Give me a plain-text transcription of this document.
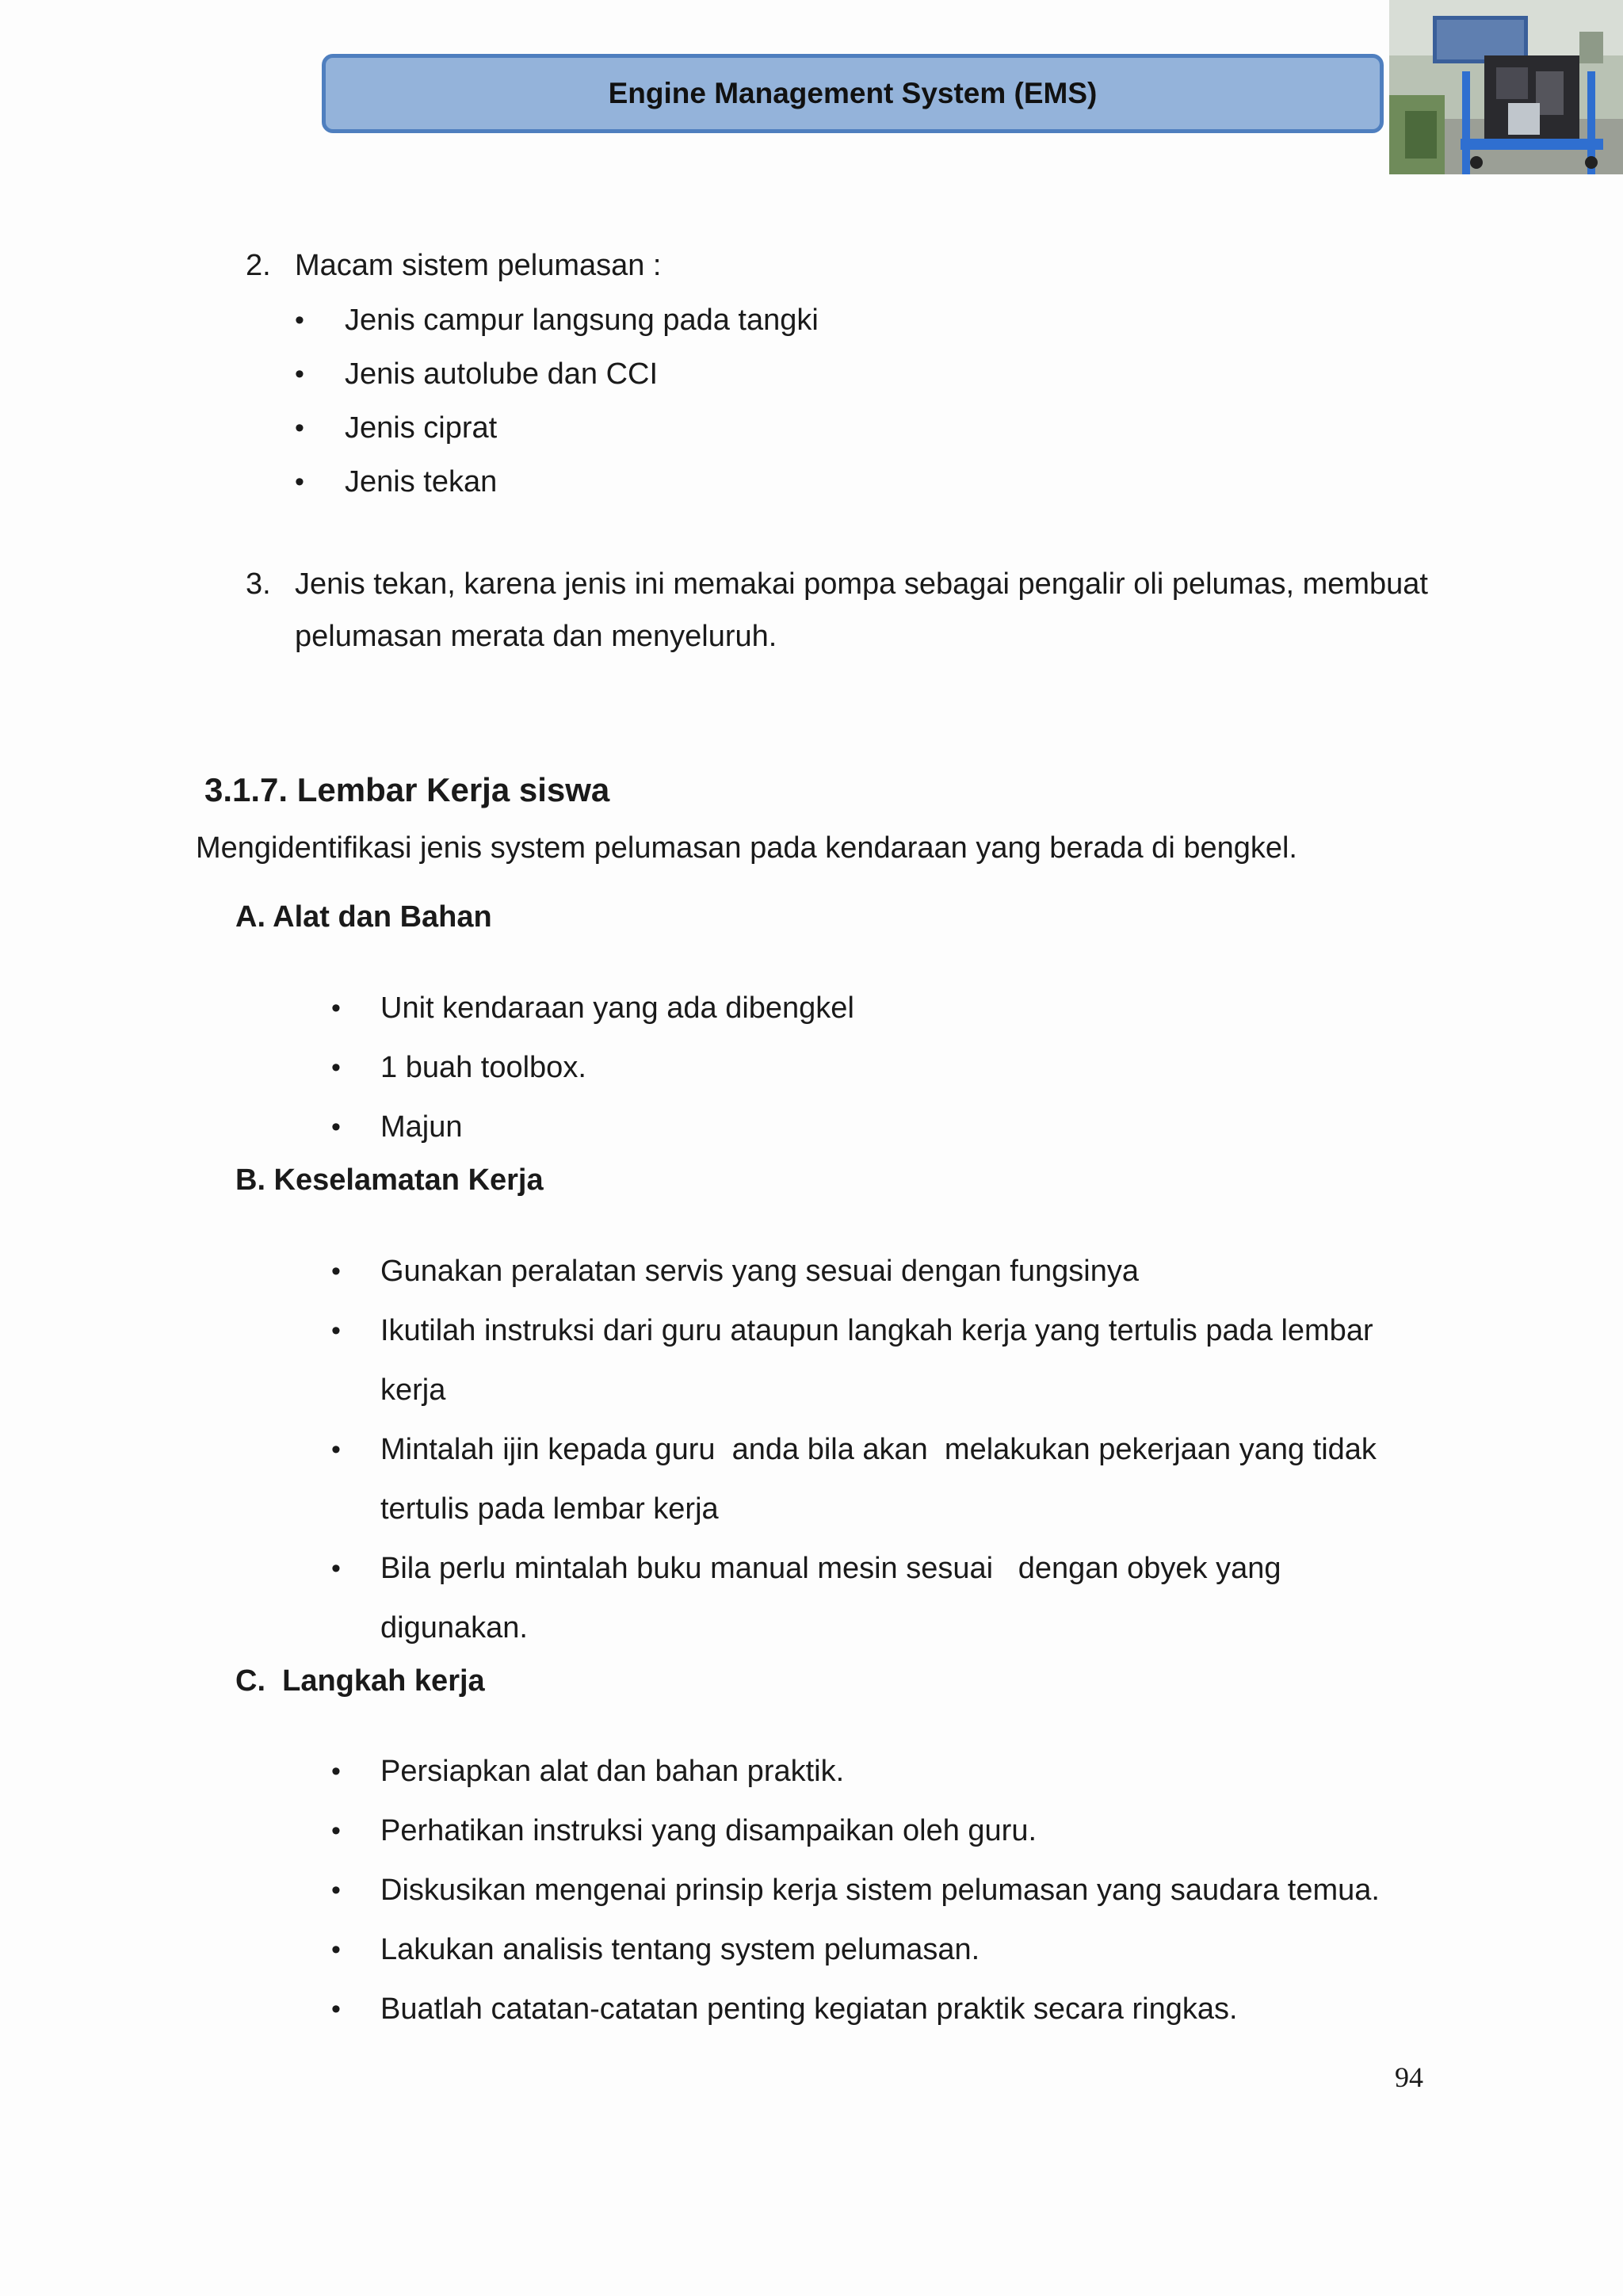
Engine Management System (EMS)
2. Macam sistem pelumasan :
• Jenis campur langsung pada tangki
• Jenis autolube dan CCI
• Jenis ciprat
• Jenis tekan
3. Jenis tekan, karena jenis ini memakai pompa sebagai pengalir oli pelumas, membuat
pelumasan merata dan menyeluruh.
3.1.7. Lembar Kerja siswa
Mengidentifikasi jenis system pelumasan pada kendaraan yang berada di bengkel.
A. Alat dan Bahan
• Unit kendaraan yang ada dibengkel
• 1 buah toolbox.
• Majun
B. Keselamatan Kerja
• Gunakan peralatan servis yang sesuai dengan fungsinya
• Ikutilah instruksi dari guru ataupun langkah kerja yang tertulis pada lembar
kerja
• Mintalah ijin kepada guru  anda bila akan  melakukan pekerjaan yang tidak
tertulis pada lembar kerja
• Bila perlu mintalah buku manual mesin sesuai   dengan obyek yang
digunakan.
C.  Langkah kerja
• Persiapkan alat dan bahan praktik.
• Perhatikan instruksi yang disampaikan oleh guru.
• Diskusikan mengenai prinsip kerja sistem pelumasan yang saudara temua.
• Lakukan analisis tentang system pelumasan.
• Buatlah catatan-catatan penting kegiatan praktik secara ringkas.
94
